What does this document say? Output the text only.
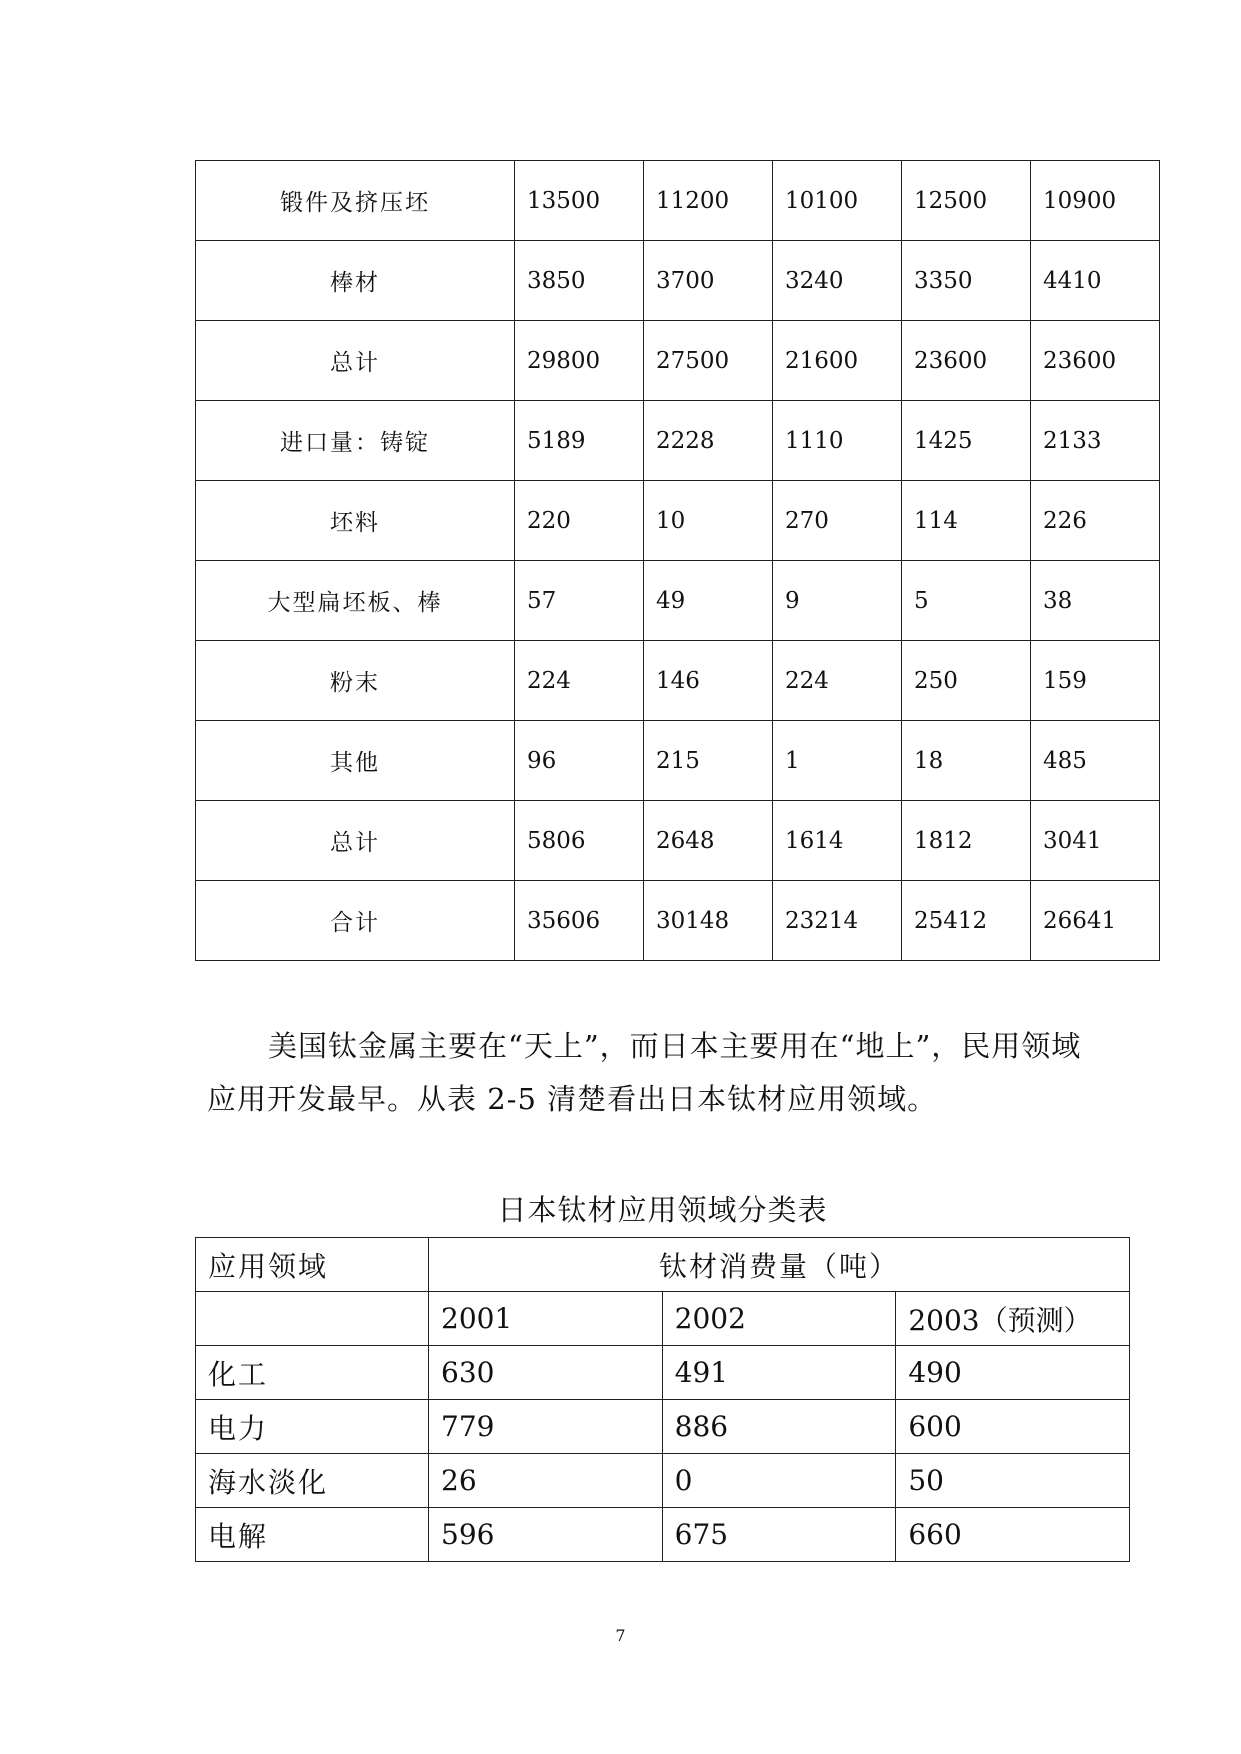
锻件及挤压坯	13500	11200	10100	12500	10900
棒材	3850	3700	3240	3350	4410
总计	29800	27500	21600	23600	23600
进口量：铸锭	5189	2228	1110	1425	2133
坯料	220	10	270	114	226
大型扁坯板、棒	57	49	9	5	38
粉末	224	146	224	250	159
其他	96	215	1	18	485
总计	5806	2648	1614	1812	3041
合计	35606	30148	23214	25412	26641

美国钛金属主要在“天上”，而日本主要用在“地上”，民用领域

应用开发最早。从表 2-5 清楚看出日本钛材应用领域。

日本钛材应用领域分类表
应用领域	钛材消费量（吨）		
	2001	2002	2003（预测）
化工	630	491	490
电力	779	886	600
海水淡化	26	0	50
电解	596	675	660
7
